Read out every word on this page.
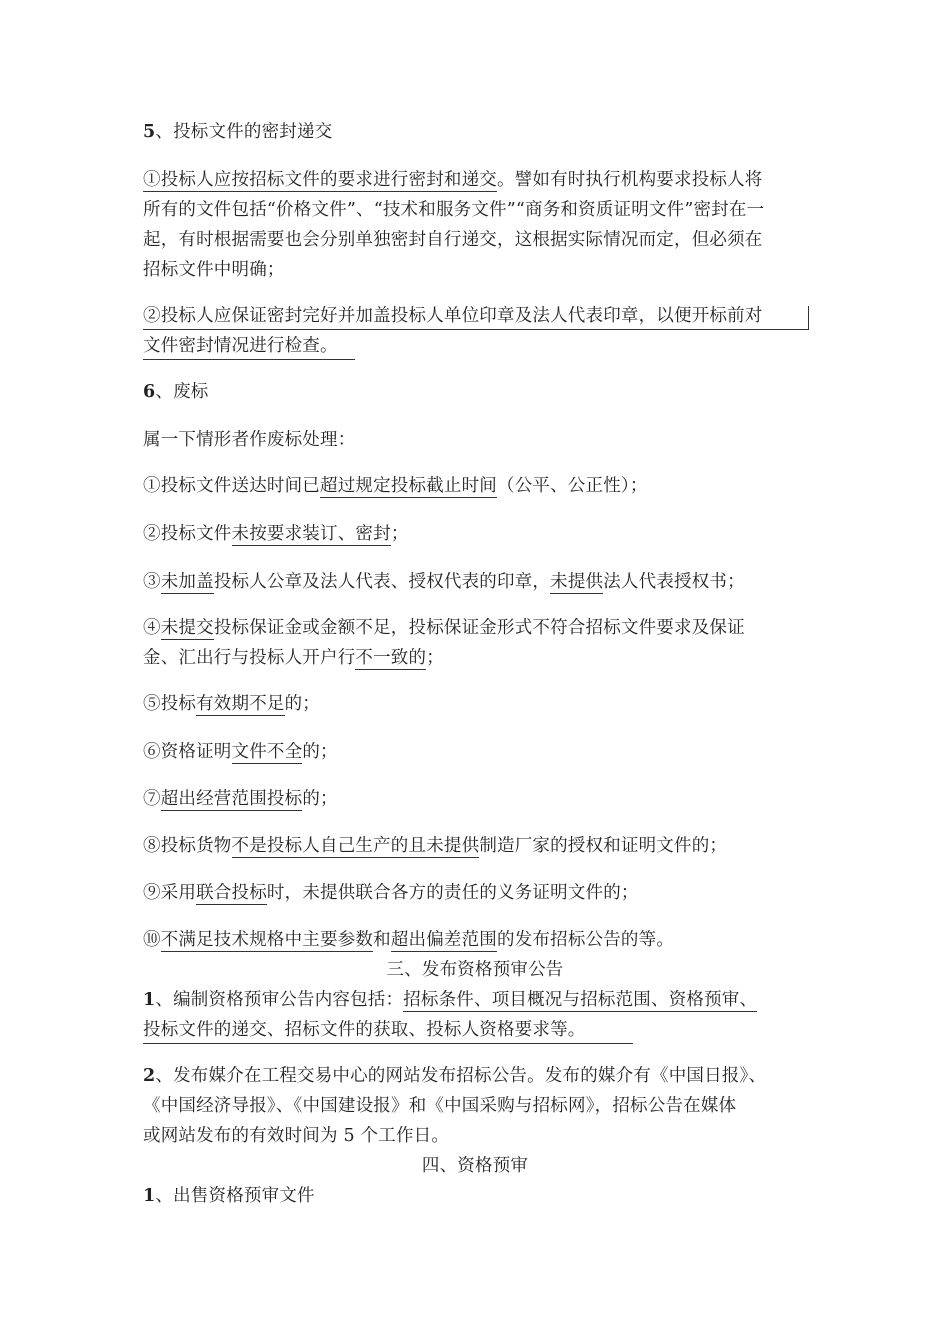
5、投标文件的密封递交
①投标人应按招标文件的要求进行密封和递交。譬如有时执行机构要求投标人将
所有的文件包括“价格文件”、“技术和服务文件”“商务和资质证明文件”密封在一
起，有时根据需要也会分别单独密封自行递交，这根据实际情况而定，但必须在
招标文件中明确；
②投标人应保证密封完好并加盖投标人单位印章及法人代表印章，以便开标前对
文件密封情况进行检查。
6、废标
属一下情形者作废标处理：
①投标文件送达时间已超过规定投标截止时间（公平、公正性）；
②投标文件未按要求装订、密封；
③未加盖投标人公章及法人代表、授权代表的印章，未提供法人代表授权书；
④未提交投标保证金或金额不足，投标保证金形式不符合招标文件要求及保证
金、汇出行与投标人开户行不一致的；
⑤投标有效期不足的；
⑥资格证明文件不全的；
⑦超出经营范围投标的；
⑧投标货物不是投标人自己生产的且未提供制造厂家的授权和证明文件的；
⑨采用联合投标时，未提供联合各方的责任的义务证明文件的；
⑩不满足技术规格中主要参数和超出偏差范围的发布招标公告的等。
三、发布资格预审公告
1、编制资格预审公告内容包括：招标条件、项目概况与招标范围、资格预审、
投标文件的递交、招标文件的获取、投标人资格要求等。
2、发布媒介在工程交易中心的网站发布招标公告。发布的媒介有《中国日报》、
《中国经济导报》、《中国建设报》和《中国采购与招标网》，招标公告在媒体
或网站发布的有效时间为 5 个工作日。
四、资格预审
1、出售资格预审文件
